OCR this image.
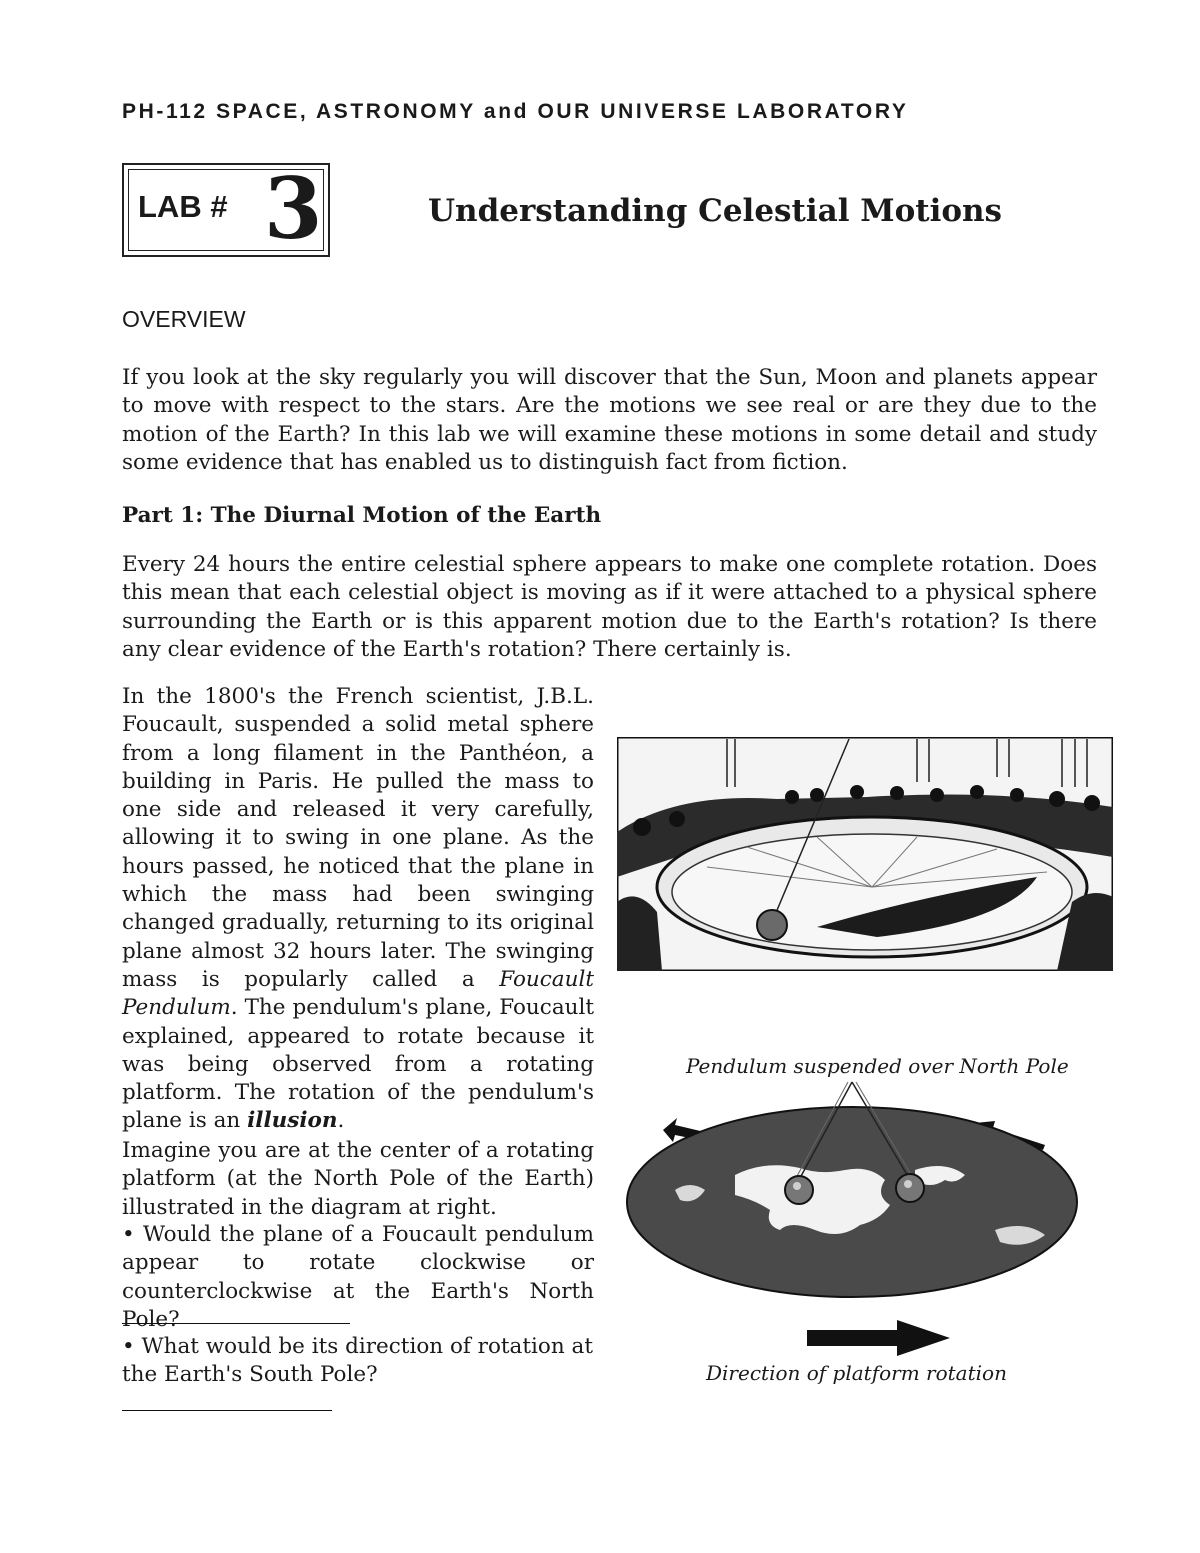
PH-112 SPACE, ASTRONOMY and OUR UNIVERSE LABORATORY
LAB # 3	Understanding Celestial Motions
OVERVIEW
If you look at the sky regularly you will discover that the Sun, Moon and planets appear to move with respect to the stars. Are the motions we see real or are they due to the motion of the Earth? In this lab we will examine these motions in some detail and study some evidence that has enabled us to distinguish fact from fiction.
Part 1: The Diurnal Motion of the Earth
Every 24 hours the entire celestial sphere appears to make one complete rotation. Does this mean that each celestial object is moving as if it were attached to a physical sphere surrounding the Earth or is this apparent motion due to the Earth's rotation? Is there any clear evidence of the Earth's rotation? There certainly is.
In the 1800's the French scientist, J.B.L. Foucault, suspended a solid metal sphere from a long filament in the Panthéon, a building in Paris. He pulled the mass to one side and released it very carefully, allowing it to swing in one plane. As the hours passed, he noticed that the plane in which the mass had been swinging changed gradually, returning to its original plane almost 32 hours later. The swinging mass is popularly called a Foucault Pendulum. The pendulum's plane, Foucault explained, appeared to rotate because it was being observed from a rotating platform. The rotation of the pendulum's plane is an illusion.
Imagine you are at the center of a rotating platform (at the North Pole of the Earth) illustrated in the diagram at right.
• Would the plane of a Foucault pendulum appear to rotate clockwise or counterclockwise at the Earth's North Pole?
• What would be its direction of rotation at the Earth's South Pole?
Pendulum suspended over North Pole
Direction of platform rotation
